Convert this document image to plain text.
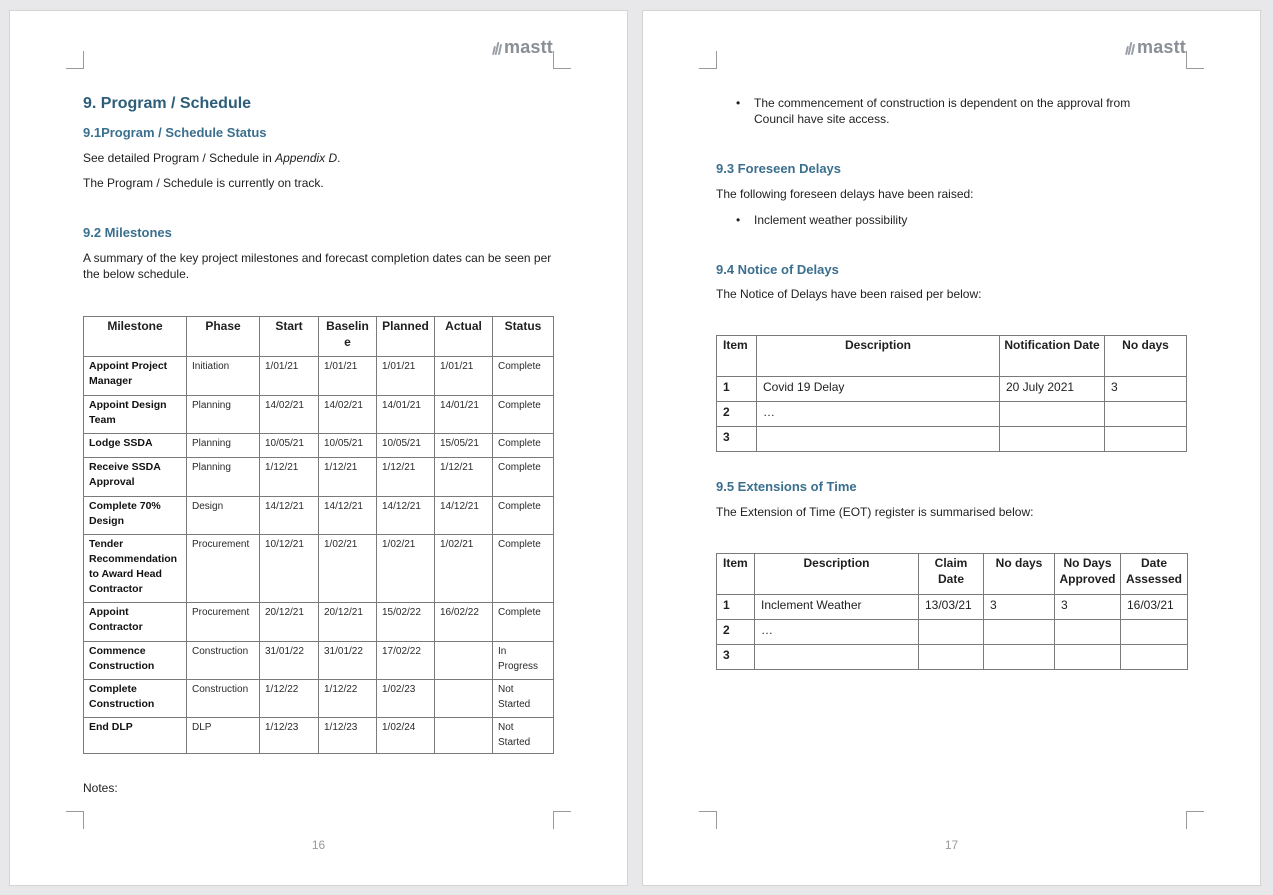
mastt
9. Program / Schedule
9.1Program / Schedule Status
See detailed Program / Schedule in Appendix D.
The Program / Schedule is currently on track.
9.2 Milestones
A summary of the key project milestones and forecast completion dates can be seen per the below schedule.
Milestone	Phase	Start	Baselin e	Planned	Actual	Status
Appoint Project Manager	Initiation	1/01/21	1/01/21	1/01/21	1/01/21	Complete
Appoint Design Team	Planning	14/02/21	14/02/21	14/01/21	14/01/21	Complete
Lodge SSDA	Planning	10/05/21	10/05/21	10/05/21	15/05/21	Complete
Receive SSDA Approval	Planning	1/12/21	1/12/21	1/12/21	1/12/21	Complete
Complete 70% Design	Design	14/12/21	14/12/21	14/12/21	14/12/21	Complete
Tender Recommendation to Award Head Contractor	Procurement	10/12/21	1/02/21	1/02/21	1/02/21	Complete
Appoint Contractor	Procurement	20/12/21	20/12/21	15/02/22	16/02/22	Complete
Commence Construction	Construction	31/01/22	31/01/22	17/02/22		In Progress
Complete Construction	Construction	1/12/22	1/12/22	1/02/23		Not Started
End DLP	DLP	1/12/23	1/12/23	1/02/24		Not Started
Notes:
16
mastt
• The commencement of construction is dependent on the approval from Council have site access.
9.3 Foreseen Delays
The following foreseen delays have been raised:
• Inclement weather possibility
9.4 Notice of Delays
The Notice of Delays have been raised per below:
Item	Description	Notification Date	No days
1	Covid 19 Delay	20 July 2021	3
2	…		
3			
9.5 Extensions of Time
The Extension of Time (EOT) register is summarised below:
Item	Description	Claim Date	No days	No Days Approved	Date Assessed
1	Inclement Weather	13/03/21	3	3	16/03/21
2	…				
3					
17
